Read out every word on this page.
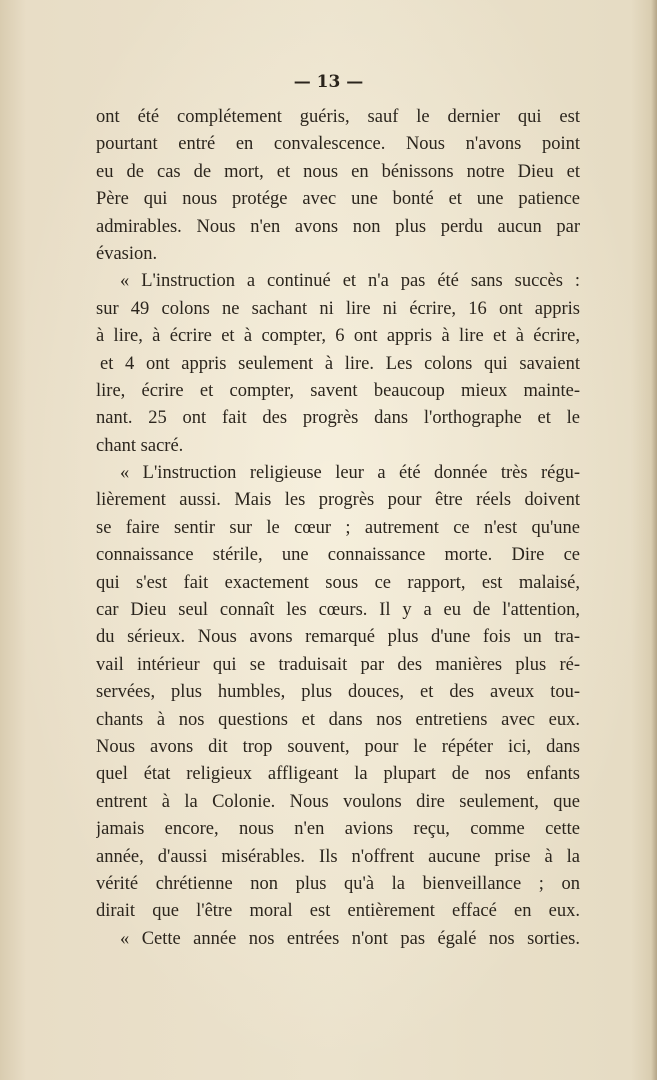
— 13 —
ont été complétement guéris, sauf le dernier qui est
pourtant entré en convalescence. Nous n'avons point
eu de cas de mort, et nous en bénissons notre Dieu et
Père qui nous protége avec une bonté et une patience
admirables. Nous n'en avons non plus perdu aucun par
évasion.
« L'instruction a continué et n'a pas été sans succès :
sur 49 colons ne sachant ni lire ni écrire, 16 ont appris
à lire, à écrire et à compter, 6 ont appris à lire et à écrire,
et 4 ont appris seulement à lire. Les colons qui savaient
lire, écrire et compter, savent beaucoup mieux mainte-
nant. 25 ont fait des progrès dans l'orthographe et le
chant sacré.
« L'instruction religieuse leur a été donnée très régu-
lièrement aussi. Mais les progrès pour être réels doivent
se faire sentir sur le cœur ; autrement ce n'est qu'une
connaissance stérile, une connaissance morte. Dire ce
qui s'est fait exactement sous ce rapport, est malaisé,
car Dieu seul connaît les cœurs. Il y a eu de l'attention,
du sérieux. Nous avons remarqué plus d'une fois un tra-
vail intérieur qui se traduisait par des manières plus ré-
servées, plus humbles, plus douces, et des aveux tou-
chants à nos questions et dans nos entretiens avec eux.
Nous avons dit trop souvent, pour le répéter ici, dans
quel état religieux affligeant la plupart de nos enfants
entrent à la Colonie. Nous voulons dire seulement, que
jamais encore, nous n'en avions reçu, comme cette
année, d'aussi misérables. Ils n'offrent aucune prise à la
vérité chrétienne non plus qu'à la bienveillance ; on
dirait que l'être moral est entièrement effacé en eux.
« Cette année nos entrées n'ont pas égalé nos sorties.
